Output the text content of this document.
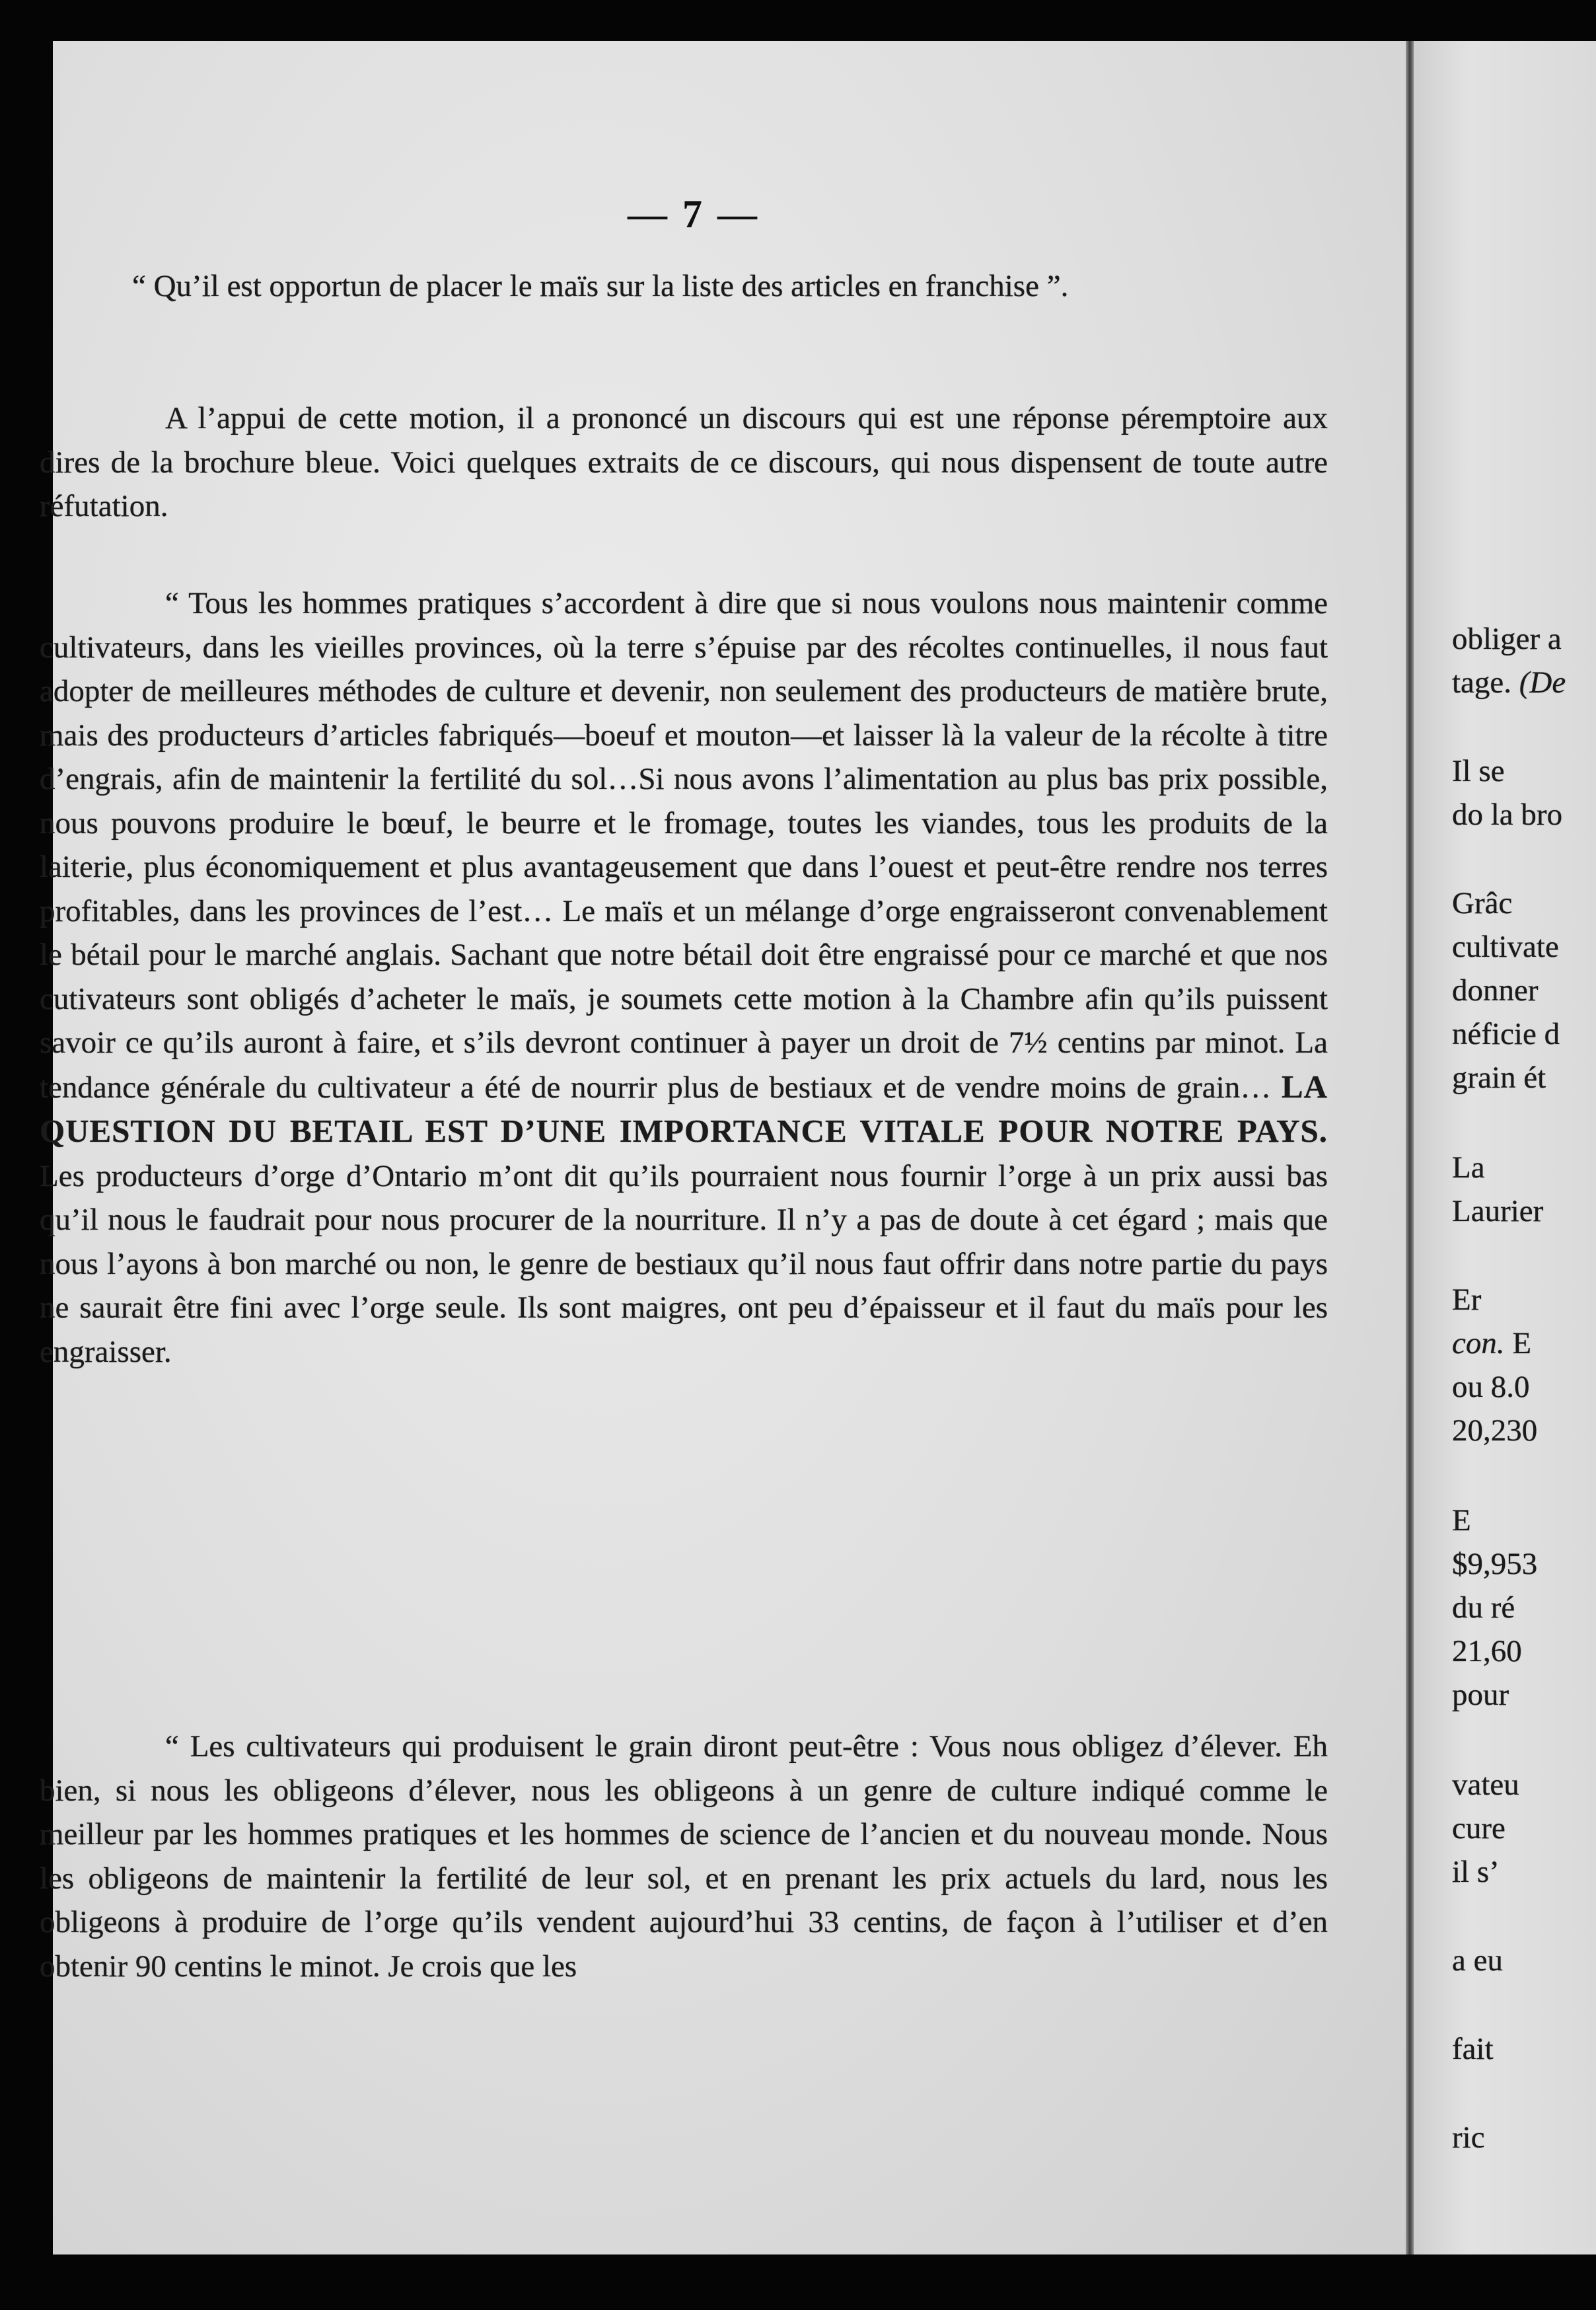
obliger a
tage. (De
Il se
do la bro
Grâc
cultivate
donner
néficie d
grain ét
La
Laurier
Er
con. E
ou 8.0
20,230
E
$9,953
du ré
21,60
pour
vateu
cure
il s’
a eu
fait
ric
— 7 —

“ Qu’il est opportun de placer le maïs sur la liste des articles en franchise ”.

A l’appui de cette motion, il a prononcé un discours qui est une réponse péremptoire aux dires de la brochure bleue. Voici quelques extraits de ce discours, qui nous dispensent de toute autre réfutation.

“ Tous les hommes pratiques s’accordent à dire que si nous voulons nous maintenir comme cultivateurs, dans les vieilles provinces, où la terre s’épuise par des récoltes continuelles, il nous faut adopter de meilleures méthodes de culture et devenir, non seulement des producteurs de matière brute, mais des producteurs d’articles fabriqués—boeuf et mouton—et laisser là la valeur de la récolte à titre d’engrais, afin de maintenir la fertilité du sol…Si nous avons l’alimentation au plus bas prix possible, nous pouvons produire le bœuf, le beurre et le fromage, toutes les viandes, tous les produits de la laiterie, plus économiquement et plus avantageusement que dans l’ouest et peut-être rendre nos terres profitables, dans les provinces de l’est… Le maïs et un mélange d’orge engraisseront convenablement le bétail pour le marché anglais. Sachant que notre bétail doit être engraissé pour ce marché et que nos cutivateurs sont obligés d’acheter le maïs, je soumets cette motion à la Chambre afin qu’ils puissent savoir ce qu’ils auront à faire, et s’ils devront continuer à payer un droit de 7½ centins par minot. La tendance générale du cultivateur a été de nourrir plus de bestiaux et de vendre moins de grain… LA QUESTION DU BETAIL EST D’UNE IMPORTANCE VITALE POUR NOTRE PAYS. Les producteurs d’orge d’Ontario m’ont dit qu’ils pourraient nous fournir l’orge à un prix aussi bas qu’il nous le faudrait pour nous procurer de la nourriture. Il n’y a pas de doute à cet égard ; mais que nous l’ayons à bon marché ou non, le genre de bestiaux qu’il nous faut offrir dans notre partie du pays ne saurait être fini avec l’orge seule. Ils sont maigres, ont peu d’épaisseur et il faut du maïs pour les engraisser.

“ Les cultivateurs qui produisent le grain diront peut-être : Vous nous obligez d’élever. Eh bien, si nous les obligeons d’élever, nous les obligeons à un genre de culture indiqué comme le meilleur par les hommes pratiques et les hommes de science de l’ancien et du nouveau monde. Nous les obligeons de maintenir la fertilité de leur sol, et en prenant les prix actuels du lard, nous les obligeons à produire de l’orge qu’ils vendent aujourd’hui 33 centins, de façon à l’utiliser et d’en obtenir 90 centins le minot. Je crois que les
